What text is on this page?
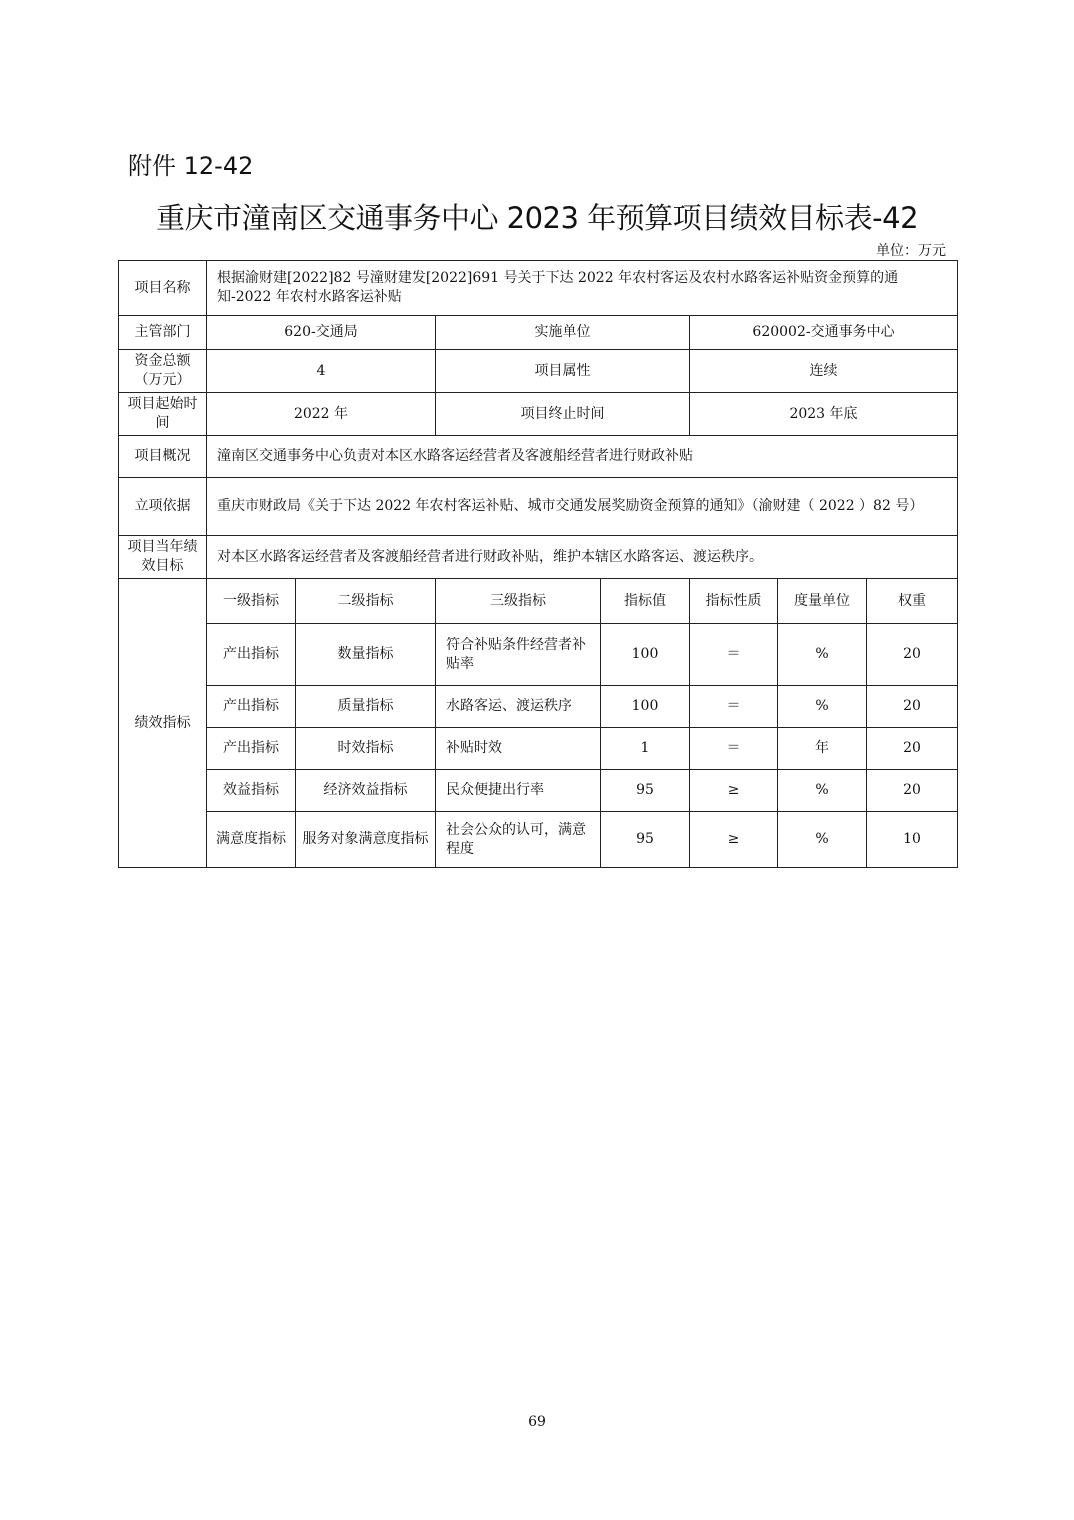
附件 12-42
重庆市潼南区交通事务中心 2023 年预算项目绩效目标表-42
单位：万元
项目名称	根据渝财建[2022]82 号潼财建发[2022]691 号关于下达 2022 年农村客运及农村水路客运补贴资金预算的通知-2022 年农村水路客运补贴						
主管部门	620-交通局		实施单位		620002-交通事务中心		
资金总额（万元）	4		项目属性		连续		
项目起始时间	2022 年		项目终止时间		2023 年底		
项目概况	潼南区交通事务中心负责对本区水路客运经营者及客渡船经营者进行财政补贴						
立项依据	重庆市财政局《关于下达 2022 年农村客运补贴、城市交通发展奖励资金预算的通知》（渝财建（ 2022 ）82 号）						
项目当年绩效目标	对本区水路客运经营者及客渡船经营者进行财政补贴，维护本辖区水路客运、渡运秩序。						
绩效指标	一级指标	二级指标	三级指标	指标值	指标性质	度量单位	权重
	产出指标	数量指标	符合补贴条件经营者补贴率	100	＝	%	20
	产出指标	质量指标	水路客运、渡运秩序	100	＝	%	20
	产出指标	时效指标	补贴时效	1	＝	年	20
	效益指标	经济效益指标	民众便捷出行率	95	≥	%	20
	满意度指标	服务对象满意度指标	社会公众的认可，满意程度	95	≥	%	10
69
